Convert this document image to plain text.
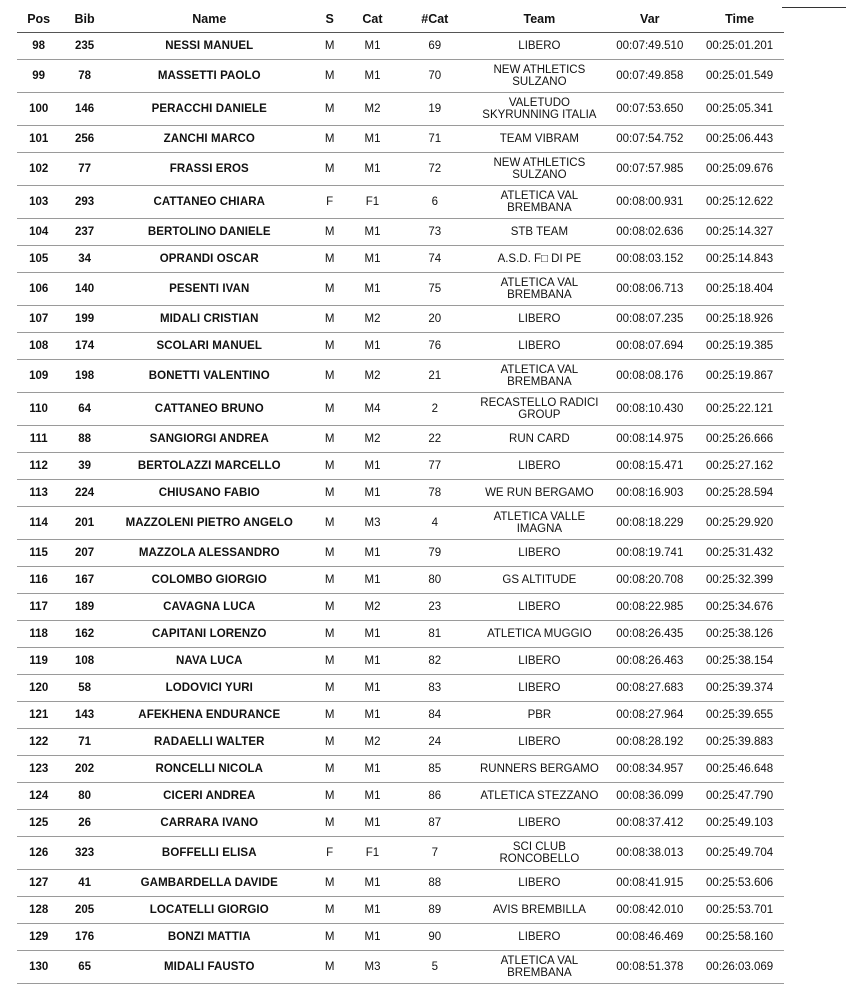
Pos	Bib	Name	S	Cat	#Cat	Team	Var	Time
98	235	NESSI MANUEL	M	M1	69	LIBERO	00:07:49.510	00:25:01.201
99	78	MASSETTI PAOLO	M	M1	70	NEW ATHLETICS SULZANO	00:07:49.858	00:25:01.549
100	146	PERACCHI DANIELE	M	M2	19	VALETUDO SKYRUNNING ITALIA	00:07:53.650	00:25:05.341
101	256	ZANCHI MARCO	M	M1	71	TEAM VIBRAM	00:07:54.752	00:25:06.443
102	77	FRASSI EROS	M	M1	72	NEW ATHLETICS SULZANO	00:07:57.985	00:25:09.676
103	293	CATTANEO CHIARA	F	F1	6	ATLETICA VAL BREMBANA	00:08:00.931	00:25:12.622
104	237	BERTOLINO DANIELE	M	M1	73	STB TEAM	00:08:02.636	00:25:14.327
105	34	OPRANDI OSCAR	M	M1	74	A.S.D. F□ DI PE	00:08:03.152	00:25:14.843
106	140	PESENTI IVAN	M	M1	75	ATLETICA VAL BREMBANA	00:08:06.713	00:25:18.404
107	199	MIDALI CRISTIAN	M	M2	20	LIBERO	00:08:07.235	00:25:18.926
108	174	SCOLARI MANUEL	M	M1	76	LIBERO	00:08:07.694	00:25:19.385
109	198	BONETTI VALENTINO	M	M2	21	ATLETICA VAL BREMBANA	00:08:08.176	00:25:19.867
110	64	CATTANEO BRUNO	M	M4	2	RECASTELLO RADICI GROUP	00:08:10.430	00:25:22.121
111	88	SANGIORGI ANDREA	M	M2	22	RUN CARD	00:08:14.975	00:25:26.666
112	39	BERTOLAZZI MARCELLO	M	M1	77	LIBERO	00:08:15.471	00:25:27.162
113	224	CHIUSANO FABIO	M	M1	78	WE RUN BERGAMO	00:08:16.903	00:25:28.594
114	201	MAZZOLENI PIETRO ANGELO	M	M3	4	ATLETICA VALLE IMAGNA	00:08:18.229	00:25:29.920
115	207	MAZZOLA ALESSANDRO	M	M1	79	LIBERO	00:08:19.741	00:25:31.432
116	167	COLOMBO GIORGIO	M	M1	80	GS ALTITUDE	00:08:20.708	00:25:32.399
117	189	CAVAGNA LUCA	M	M2	23	LIBERO	00:08:22.985	00:25:34.676
118	162	CAPITANI LORENZO	M	M1	81	ATLETICA MUGGIO	00:08:26.435	00:25:38.126
119	108	NAVA LUCA	M	M1	82	LIBERO	00:08:26.463	00:25:38.154
120	58	LODOVICI YURI	M	M1	83	LIBERO	00:08:27.683	00:25:39.374
121	143	AFEKHENA ENDURANCE	M	M1	84	PBR	00:08:27.964	00:25:39.655
122	71	RADAELLI WALTER	M	M2	24	LIBERO	00:08:28.192	00:25:39.883
123	202	RONCELLI NICOLA	M	M1	85	RUNNERS BERGAMO	00:08:34.957	00:25:46.648
124	80	CICERI ANDREA	M	M1	86	ATLETICA STEZZANO	00:08:36.099	00:25:47.790
125	26	CARRARA IVANO	M	M1	87	LIBERO	00:08:37.412	00:25:49.103
126	323	BOFFELLI ELISA	F	F1	7	SCI CLUB RONCOBELLO	00:08:38.013	00:25:49.704
127	41	GAMBARDELLA DAVIDE	M	M1	88	LIBERO	00:08:41.915	00:25:53.606
128	205	LOCATELLI GIORGIO	M	M1	89	AVIS BREMBILLA	00:08:42.010	00:25:53.701
129	176	BONZI MATTIA	M	M1	90	LIBERO	00:08:46.469	00:25:58.160
130	65	MIDALI FAUSTO	M	M3	5	ATLETICA VAL BREMBANA	00:08:51.378	00:26:03.069
